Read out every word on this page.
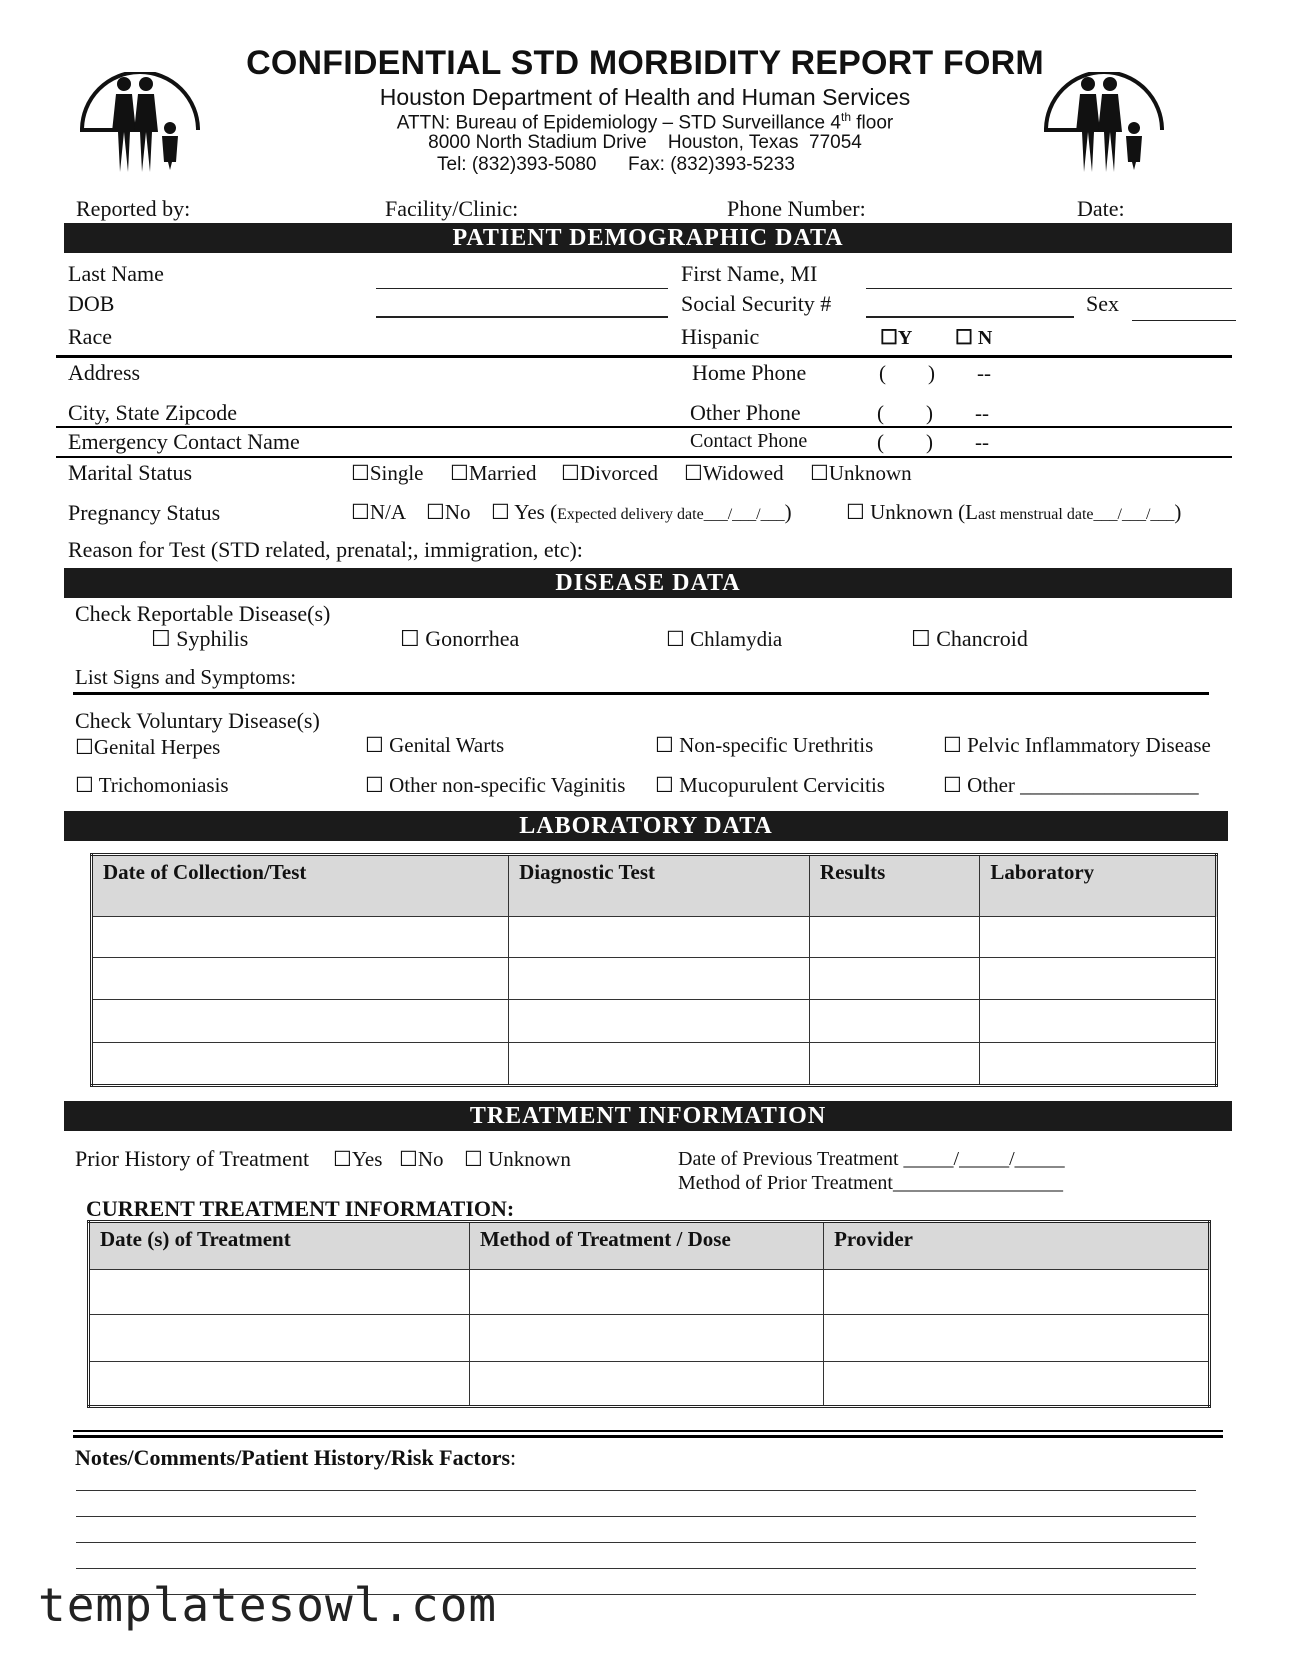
CONFIDENTIAL STD MORBIDITY REPORT FORM
Houston Department of Health and Human Services
ATTN: Bureau of Epidemiology – STD Surveillance 4th floor
8000 North Stadium Drive    Houston, Texas  77054
Tel: (832)393-5080 Fax: (832)393-5233
Reported by:	Facility/Clinic:	Phone Number:	Date:
PATIENT DEMOGRAPHIC DATA
Last Name	First Name, MI
DOB	Social Security #	Sex
Race	Hispanic	☐Y ☐ N
Address	Home Phone	(        )        --
City, State Zipcode	Other Phone	(        )        --
Emergency Contact Name	Contact Phone	(        )        --
Marital Status	☐Single ☐Married ☐Divorced ☐Widowed ☐Unknown
Pregnancy Status	☐N/A ☐No ☐ Yes (Expected delivery date___/___/___)	☐ Unknown (Last menstrual date___/___/___)
Reason for Test (STD related, prenatal;, immigration, etc):
DISEASE DATA
Check Reportable Disease(s)
☐ Syphilis	☐ Gonorrhea	☐ Chlamydia	☐ Chancroid
List Signs and Symptoms:
Check Voluntary Disease(s)
☐Genital Herpes	☐ Genital Warts	☐ Non-specific Urethritis	☐ Pelvic Inflammatory Disease
☐ Trichomoniasis	☐ Other non-specific Vaginitis ☐ Mucopurulent Cervicitis	☐ Other _________________
LABORATORY DATA
Date of Collection/Test	Diagnostic Test	Results	Laboratory

TREATMENT INFORMATION
Prior History of Treatment ☐Yes ☐No ☐ Unknown	Date of Previous Treatment _____/_____/_____
Method of Prior Treatment_________________
CURRENT TREATMENT INFORMATION:
Date (s) of Treatment	Method of Treatment / Dose	Provider

Notes/Comments/Patient History/Risk Factors:
templatesowl.com
